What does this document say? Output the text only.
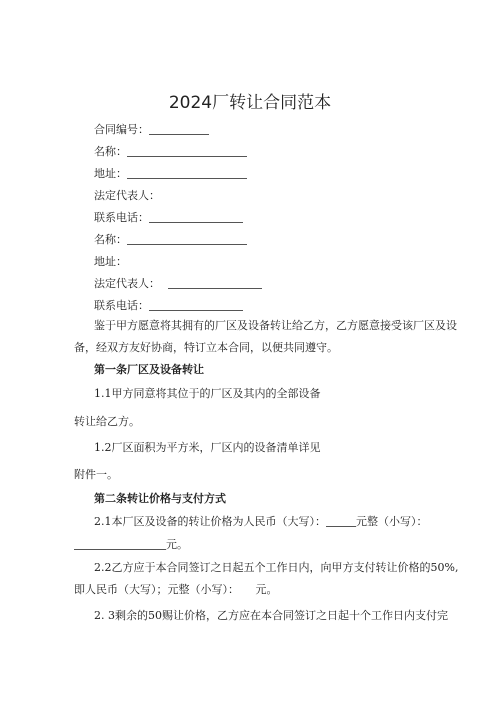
2024厂转让合同范本
合同编号：
名称：
地址：
法定代表人：
联系电话：
名称：
地址：
法定代表人：
联系电话：
鉴于甲方愿意将其拥有的厂区及设备转让给乙方，乙方愿意接受该厂区及设
备，经双方友好协商，特订立本合同，以便共同遵守。
第一条厂区及设备转让
1.1甲方同意将其位于的厂区及其内的全部设备
转让给乙方。
1.2厂区面积为平方米，厂区内的设备清单详见
附件一。
第二条转让价格与支付方式
2.1本厂区及设备的转让价格为人民币（大写）：	元整（小写）：
元。
2.2乙方应于本合同签订之日起五个工作日内，向甲方支付转让价格的50%,
即人民币（大写）；元整（小写）：　　元。
2. 3剩余的50赐让价格，乙方应在本合同签订之日起十个工作日内支付完
